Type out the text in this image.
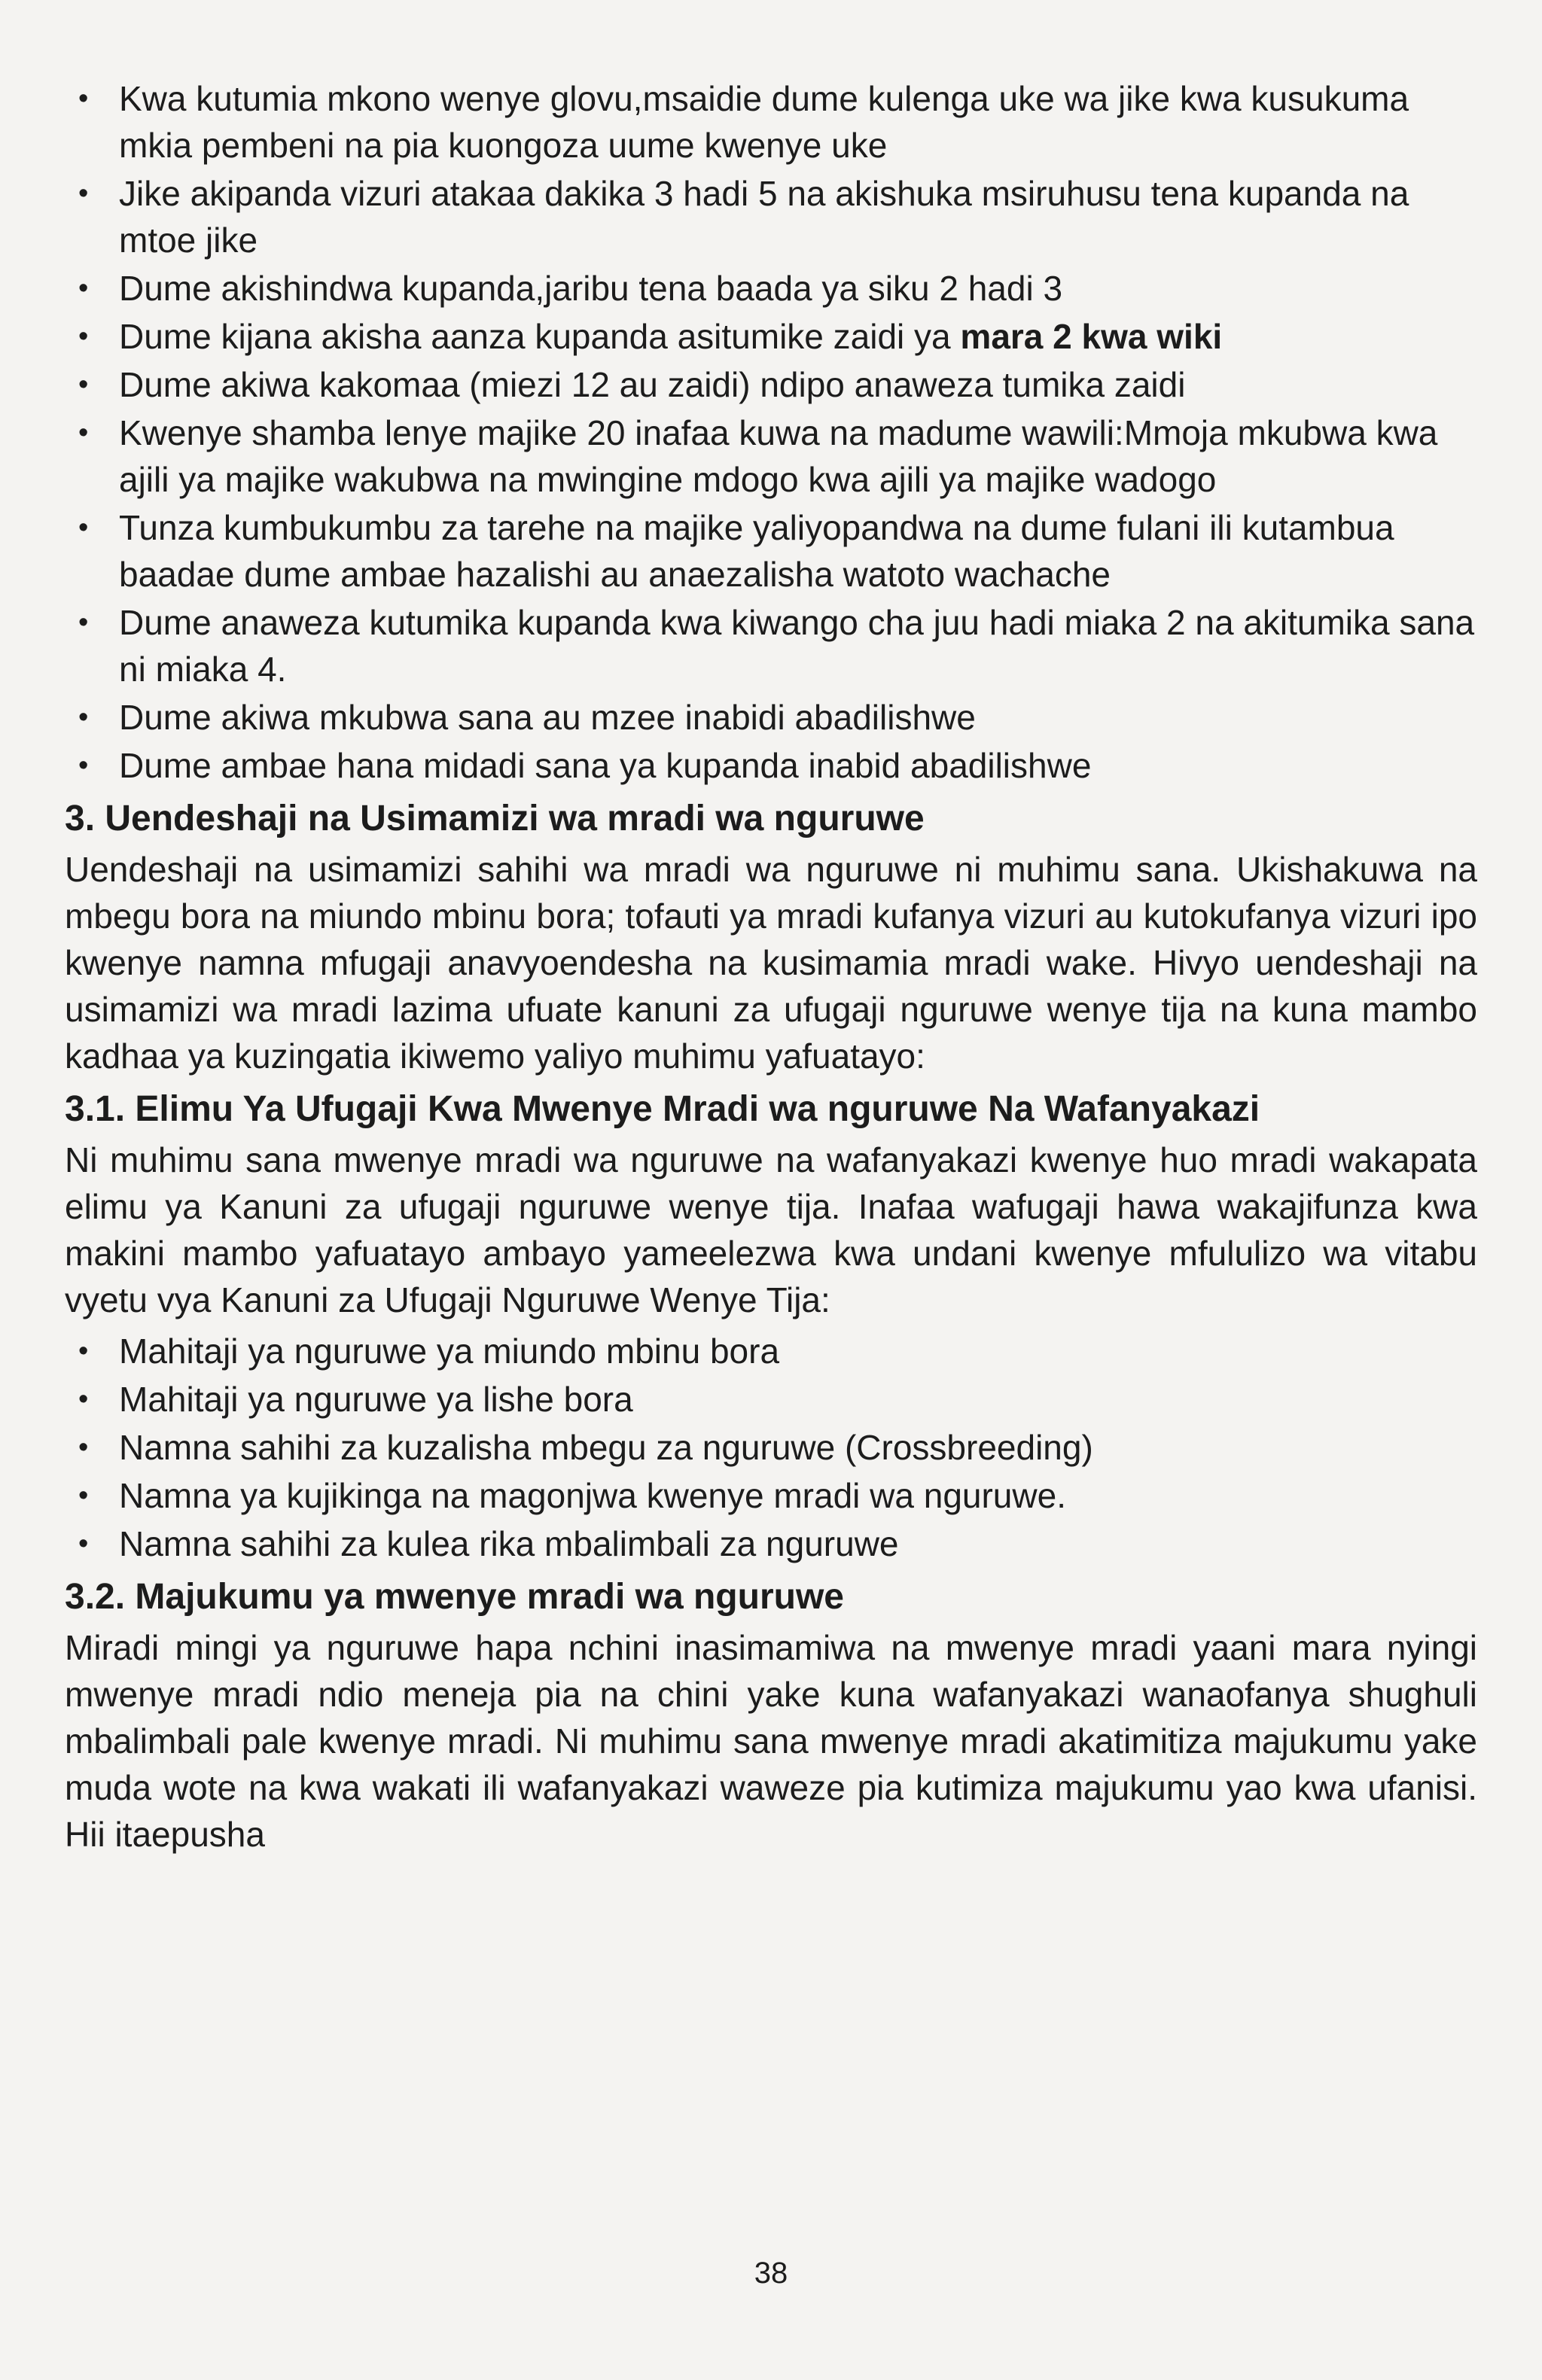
• Kwa kutumia mkono wenye glovu,msaidie dume kulenga uke wa jike kwa kusukuma mkia pembeni na pia kuongoza uume kwenye uke
• Jike akipanda vizuri atakaa dakika 3 hadi 5 na akishuka msiruhusu tena kupanda na mtoe jike
• Dume akishindwa kupanda,jaribu tena baada ya siku 2 hadi 3
• Dume kijana akisha aanza kupanda asitumike zaidi ya mara 2 kwa wiki
• Dume akiwa kakomaa (miezi 12 au zaidi) ndipo anaweza tumika zaidi
• Kwenye shamba lenye majike 20 inafaa kuwa na madume wawili:Mmoja mkubwa kwa ajili ya majike wakubwa na mwingine mdogo kwa ajili ya majike wadogo
• Tunza kumbukumbu za tarehe na majike yaliyopandwa na dume fulani ili kutambua baadae dume ambae hazalishi au anaezalisha watoto wachache
• Dume anaweza kutumika kupanda kwa kiwango cha juu hadi miaka 2 na akitumika sana ni miaka 4.
• Dume akiwa mkubwa sana au mzee inabidi abadilishwe
• Dume ambae hana midadi sana ya kupanda inabid abadilishwe
3. Uendeshaji na Usimamizi wa mradi wa nguruwe

Uendeshaji na usimamizi sahihi wa mradi wa nguruwe ni muhimu sana. Ukishakuwa na mbegu bora na miundo mbinu bora; tofauti ya mradi kufanya vizuri au kutokufanya vizuri ipo kwenye namna mfugaji anavyoendesha na kusimamia mradi wake. Hivyo uendeshaji na usimamizi wa mradi lazima ufuate kanuni za ufugaji nguruwe wenye tija na kuna mambo kadhaa ya kuzingatia ikiwemo yaliyo muhimu yafuatayo:

3.1. Elimu Ya Ufugaji Kwa Mwenye Mradi wa nguruwe Na Wafanyakazi

Ni muhimu sana mwenye mradi wa nguruwe na wafanyakazi kwenye huo mradi wakapata elimu ya Kanuni za ufugaji nguruwe wenye tija. Inafaa wafugaji hawa wakajifunza kwa makini mambo yafuatayo ambayo yameelezwa kwa undani kwenye mfululizo wa vitabu vyetu vya Kanuni za Ufugaji Nguruwe Wenye Tija:

• Mahitaji ya nguruwe ya miundo mbinu bora
• Mahitaji ya nguruwe ya lishe bora
• Namna sahihi za kuzalisha mbegu za nguruwe (Crossbreeding)
• Namna ya kujikinga na magonjwa kwenye mradi wa nguruwe.
• Namna sahihi za kulea rika mbalimbali za nguruwe
3.2. Majukumu ya mwenye mradi wa nguruwe

Miradi mingi ya nguruwe hapa nchini inasimamiwa na mwenye mradi yaani mara nyingi mwenye mradi ndio meneja pia na chini yake kuna wafanyakazi wanaofanya shughuli mbalimbali pale kwenye mradi. Ni muhimu sana mwenye mradi akatimitiza majukumu yake muda wote na kwa wakati ili wafanyakazi waweze pia kutimiza majukumu yao kwa ufanisi. Hii itaepusha

38
